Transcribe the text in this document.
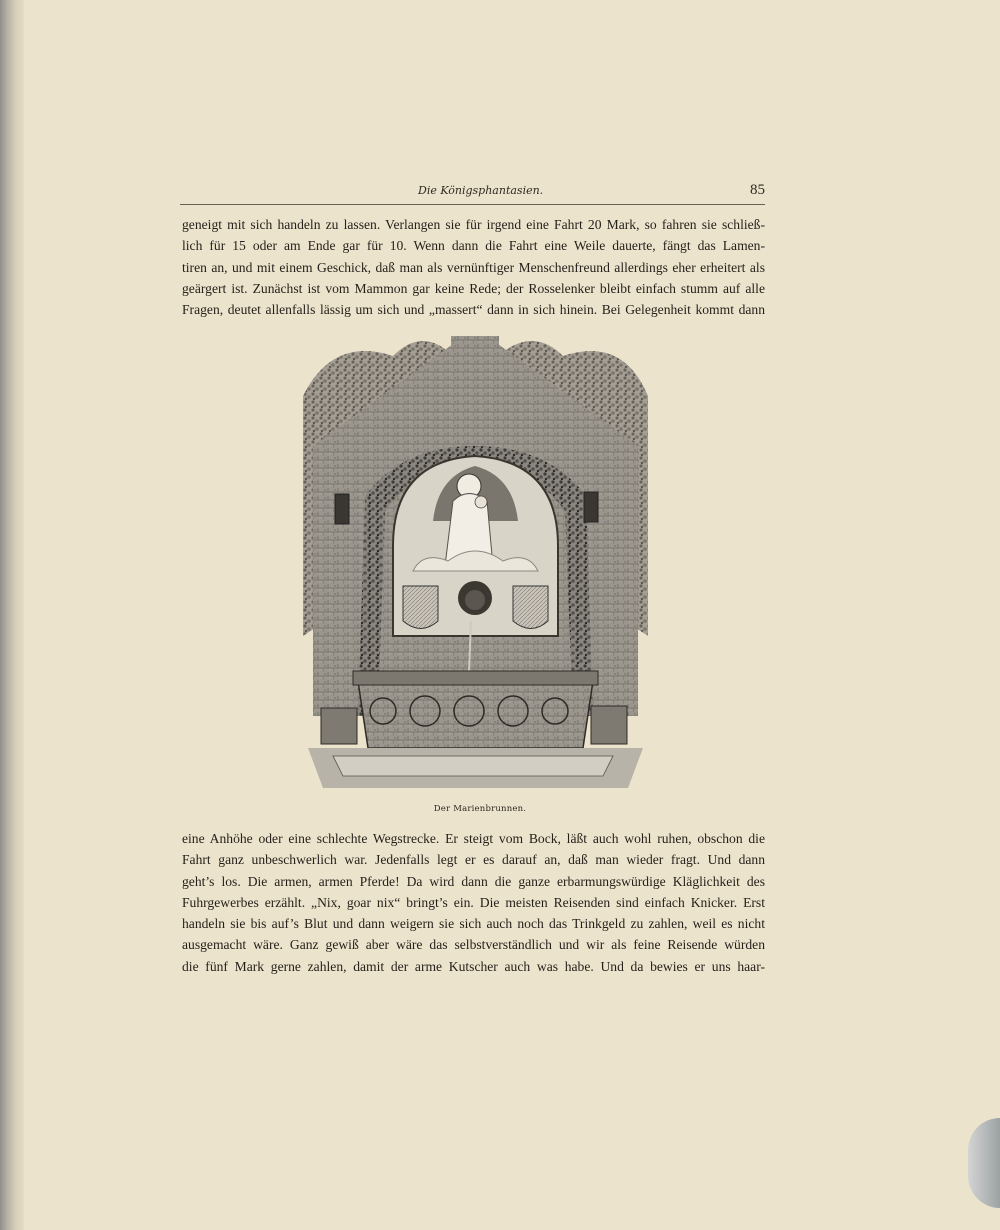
Die Königsphantasien.	85

geneigt mit sich handeln zu lassen. Verlangen sie für irgend eine Fahrt 20 Mark, so fahren sie schließ-

lich für 15 oder am Ende gar für 10. Wenn dann die Fahrt eine Weile dauerte, fängt das Lamen-

tiren an, und mit einem Geschick, daß man als vernünftiger Menschenfreund allerdings eher erheitert als

geärgert ist. Zunächst ist vom Mammon gar keine Rede; der Rosselenker bleibt einfach stumm auf alle

Fragen, deutet allenfalls lässig um sich und „massert“ dann in sich hinein. Bei Gelegenheit kommt dann

Der Marienbrunnen.

eine Anhöhe oder eine schlechte Wegstrecke. Er steigt vom Bock, läßt auch wohl ruhen, obschon die

Fahrt ganz unbeschwerlich war. Jedenfalls legt er es darauf an, daß man wieder fragt. Und dann

geht’s los. Die armen, armen Pferde! Da wird dann die ganze erbarmungswürdige Kläglichkeit des

Fuhrgewerbes erzählt. „Nix, goar nix“ bringt’s ein. Die meisten Reisenden sind einfach Knicker. Erst

handeln sie bis auf’s Blut und dann weigern sie sich auch noch das Trinkgeld zu zahlen, weil es nicht

ausgemacht wäre. Ganz gewiß aber wäre das selbstverständlich und wir als feine Reisende würden

die fünf Mark gerne zahlen, damit der arme Kutscher auch was habe. Und da bewies er uns haar-
